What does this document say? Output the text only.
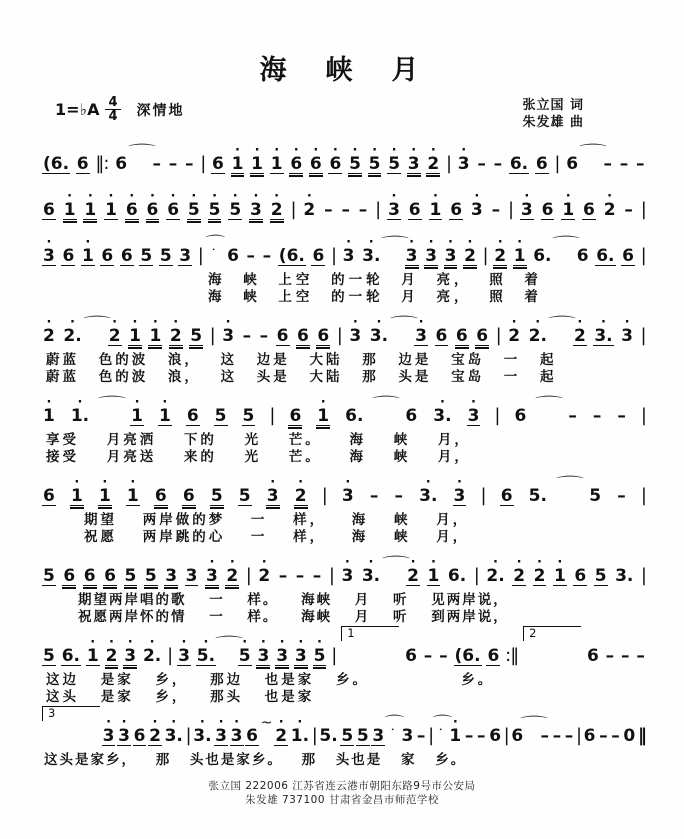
海　峡　月
1=♭A $\frac{4}{4}$ 深情地	张立国 词
朱发雄 曲
(6. 6 ‖: 6
⌒
– – – | 6
·
1
·
1
·
1
·
6
·
6
·
6
·
5
·
5
·
5
·
3
·
2 |
·
3 – – 6. 6 | 6
⌒
– – –
6
·
1
·
1
·
1
·
6
·
6
·
6
·
5
·
5
·
5
·
3
·
2 |
·
2 – – – |
·
3 6
·
1 6
·
3 – |
·
3 6
·
1 6
·
2 – |
·
3 6
·
1 6 6 5 5 3 |
⌒ ·
6 – – (6. 6 |
·
3
·
3.
⌒ ·
3
·
3
·
3
·
2 |
·
2
·
1 6.
⌒
6 6. 6 |
海 峡 上空 的一轮 月 亮， 照 着
海 峡 上空 的一轮 月 亮， 照 着
·
2
·
2.
⌒ ·
2
·
1
·
1
·
2 5 |
·
3 – – 6 6 6 |
·
3
·
3.
⌒ ·
3 6 6 6 |
·
2
·
2.
⌒ ·
2
·
3.
·
3 |
蔚蓝 色的波 浪， 这 边是 大陆 那 边是 宝岛 一 起
蔚蓝 色的波 浪， 这 头是 大陆 那 头是 宝岛 一 起
·
1
·
1.
⌒ ·
1
·
1 6 5 5 | 6
·
1 6.
⌒
6
·
3.
·
3 | 6
⌒
– – – |
享受 月亮洒 下的 光 芒。 海 峡 月，
接受 月亮送 来的 光 芒。 海 峡 月，
6
·
1
·
1
·
1 6 6 5 5
·
3
·
2 |
·
3 – –
·
3.
·
3 | 6 5.
⌒
5 – |
期望 两岸做的梦 一 样， 海 峡 月，
祝愿 两岸跳的心 一 样， 海 峡 月，
5 6 6 6 5 5 3 3
·
3
·
2 |
·
2 – – – |
·
3
·
3.
⌒ ·
2
·
1 6. |
·
2.
·
2
·
2
·
1 6 5 3. |
期望两岸唱的歌 一 样。 海峡 月 听 见两岸说，
祝愿两岸怀的情 一 样。 海峡 月 听 到两岸说，
5 6.
·
1
·
2
·
3
·
2. |
·
3
·
5.
⌒ ·
5
·
3
·
3
·
3
·
5 |
1
6 – – (6. 6 :‖
2
6 – – –
这边 是家 乡， 那边 也是家 乡。　　　　　　乡。
这头 是家 乡， 那头 也是家
3
·
3
·
3 6
·
2
·
3. |
·
3.
·
3
·
3 6
~ ·
2
·
1. | 5. 5 5 3
⌒ ·
3 – |
⌒ · ·
1 – – 6 | 6
⌒
– – – | 6 – – 0 ‖
这头是家乡， 那 头也是家乡。 那 头也是 家 乡。
张立国 222006 江苏省连云港市朝阳东路9号市公安局
朱发雄 737100 甘肃省金昌市师范学校
